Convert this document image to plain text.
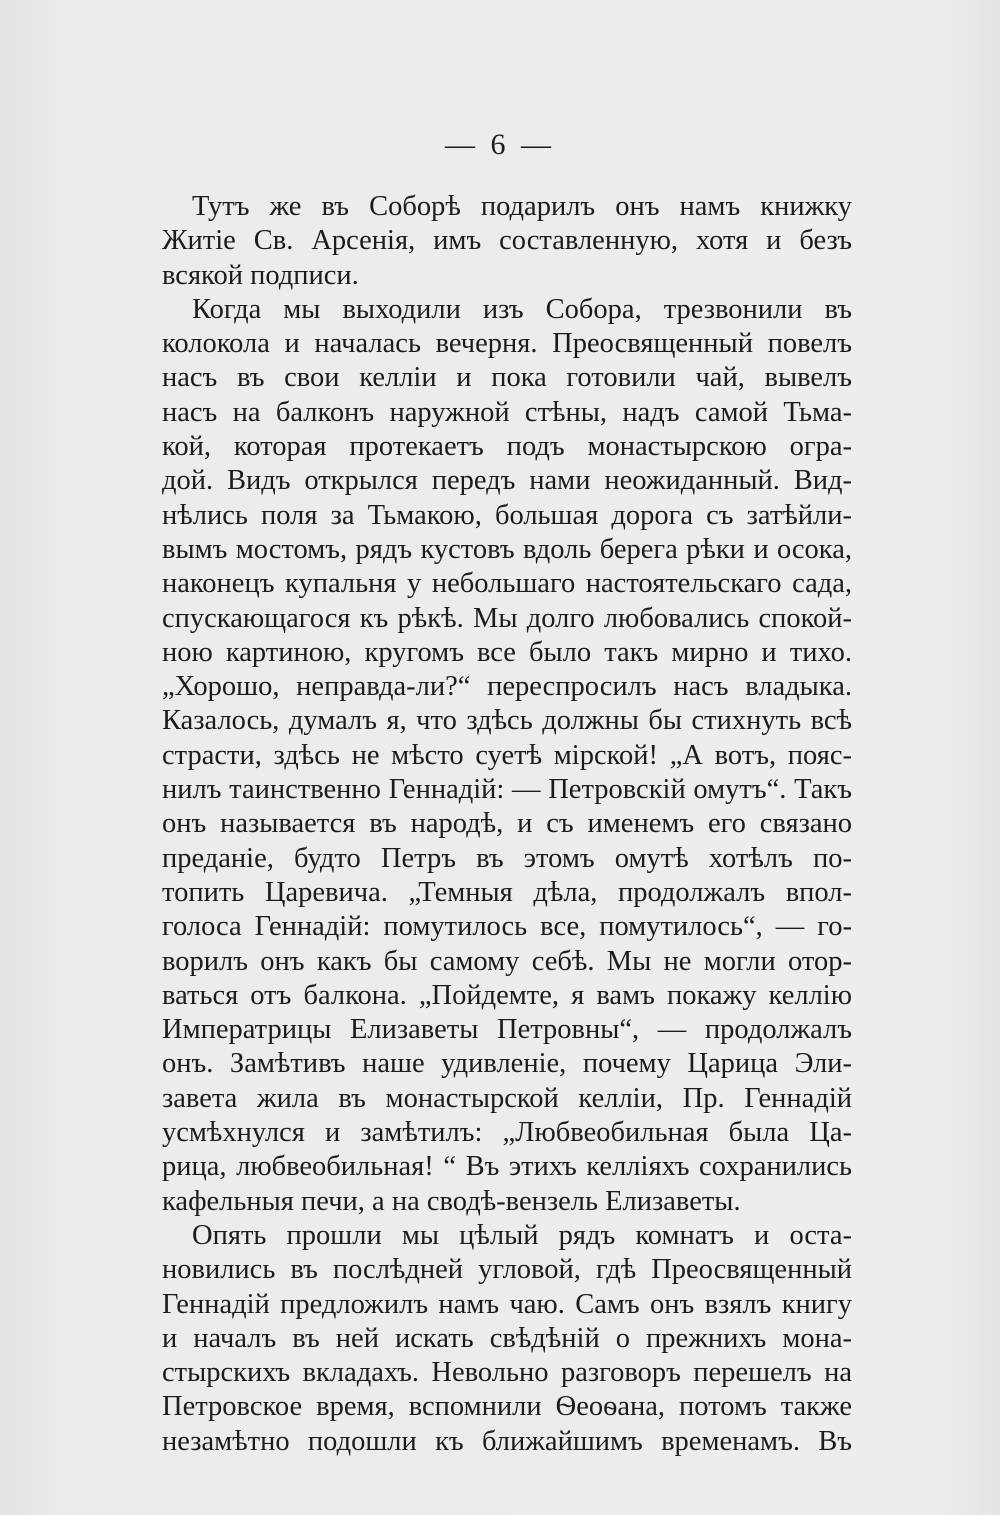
— 6 —
Тутъ же въ Соборѣ подарилъ онъ намъ книжку
Житіе Св. Арсенія, имъ составленную, хотя и безъ
всякой подписи.
Когда мы выходили изъ Собора, трезвонили въ
колокола и началась вечерня. Преосвященный повелъ
насъ въ свои келліи и пока готовили чай, вывелъ
насъ на балконъ наружной стѣны, надъ самой Тьма-
кой, которая протекаетъ подъ монастырскою огра-
дой. Видъ открылся передъ нами неожиданный. Вид-
нѣлись поля за Тьмакою, большая дорога съ затѣйли-
вымъ мостомъ, рядъ кустовъ вдоль берега рѣки и осока,
наконецъ купальня у небольшаго настоятельскаго сада,
спускающагося къ рѣкѣ. Мы долго любовались спокой-
ною картиною, кругомъ все было такъ мирно и тихо.
„Хорошо, неправда-ли?“ переспросилъ насъ владыка.
Казалось, думалъ я, что здѣсь должны бы стихнуть всѣ
страсти, здѣсь не мѣсто суетѣ мірской! „А вотъ, пояс-
нилъ таинственно Геннадій: — Петровскій омутъ“. Такъ
онъ называется въ народѣ, и съ именемъ его связано
преданіе, будто Петръ въ этомъ омутѣ хотѣлъ по-
топить Царевича. „Темныя дѣла, продолжалъ впол-
голоса Геннадій: помутилось все, помутилось“, — го-
ворилъ онъ какъ бы самому себѣ. Мы не могли отор-
ваться отъ балкона. „Пойдемте, я вамъ покажу келлію
Императрицы Елизаветы Петровны“, — продолжалъ
онъ. Замѣтивъ наше удивленіе, почему Царица Эли-
завета жила въ монастырской келліи, Пр. Геннадій
усмѣхнулся и замѣтилъ: „Любвеобильная была Ца-
рица, любвеобильная! “ Въ этихъ келліяхъ сохранились
кафельныя печи, а на сводѣ-вензель Елизаветы.
Опять прошли мы цѣлый рядъ комнатъ и оста-
новились въ послѣдней угловой, гдѣ Преосвященный
Геннадій предложилъ намъ чаю. Самъ онъ взялъ книгу
и началъ въ ней искать свѣдѣній о прежнихъ мона-
стырскихъ вкладахъ. Невольно разговоръ перешелъ на
Петровское время, вспомнили Ѳеоѳана, потомъ также
незамѣтно подошли къ ближайшимъ временамъ. Въ
